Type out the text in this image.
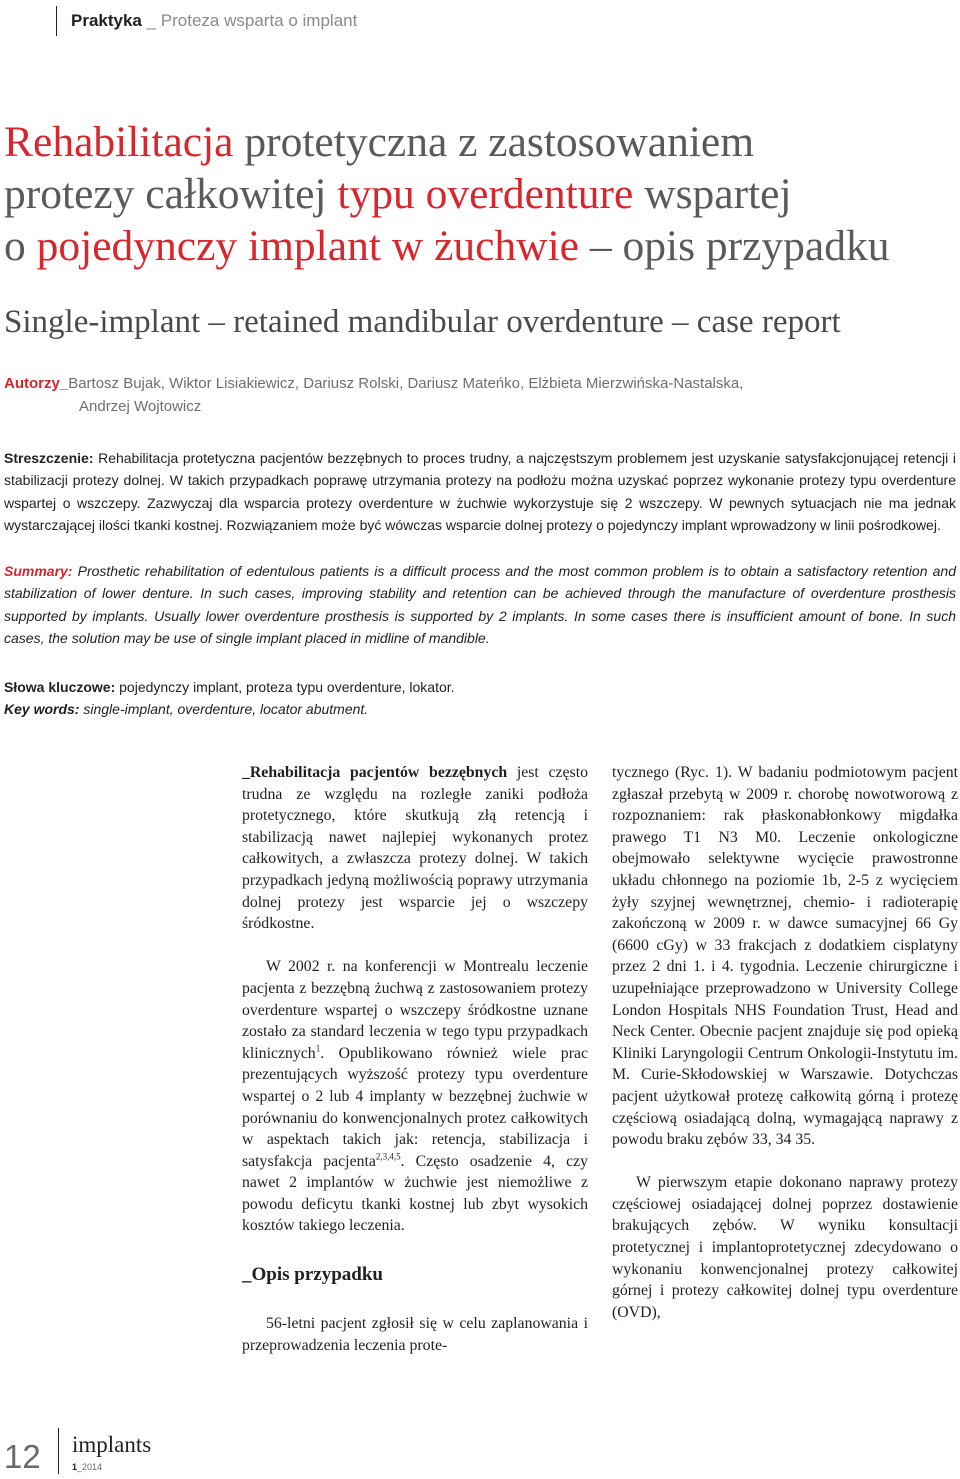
Praktyka _ Proteza wsparta o implant
Rehabilitacja protetyczna z zastosowaniem
protezy całkowitej typu overdenture wspartej
o pojedynczy implant w żuchwie – opis przypadku
Single-implant – retained mandibular overdenture – case report
Autorzy_Bartosz Bujak, Wiktor Lisiakiewicz, Dariusz Rolski, Dariusz Mateńko, Elżbieta Mierzwińska-Nastalska,
Andrzej Wojtowicz
Streszczenie: Rehabilitacja protetyczna pacjentów bezzębnych to proces trudny, a najczęstszym problemem jest uzyskanie satysfakcjonującej retencji i stabilizacji protezy dolnej. W takich przypadkach poprawę utrzymania protezy na podłożu można uzyskać poprzez wykonanie protezy typu overdenture wspartej o wszczepy. Zazwyczaj dla wsparcia protezy overdenture w żuchwie wykorzystuje się 2 wszczepy. W pewnych sytuacjach nie ma jednak wystarczającej ilości tkanki kostnej. Rozwiązaniem może być wówczas wsparcie dolnej protezy o pojedynczy implant wprowadzony w linii pośrodkowej.
Summary: Prosthetic rehabilitation of edentulous patients is a difficult process and the most common problem is to obtain a satisfactory retention and stabilization of lower denture. In such cases, improving stability and retention can be achieved through the manufacture of overdenture prosthesis supported by implants. Usually lower overdenture prosthesis is supported by 2 implants. In some cases there is insufficient amount of bone. In such cases, the solution may be use of single implant placed in midline of mandible.
Słowa kluczowe: pojedynczy implant, proteza typu overdenture, lokator.
Key words: single-implant, overdenture, locator abutment.

_Rehabilitacja pacjentów bezzębnych jest często trudna ze względu na rozległe zaniki podłoża protetycznego, które skutkują złą retencją i stabilizacją nawet najlepiej wykonanych protez całkowitych, a zwłaszcza protezy dolnej. W takich przypadkach jedyną możliwością poprawy utrzymania dolnej protezy jest wsparcie jej o wszczepy śródkostne.

W 2002 r. na konferencji w Montrealu leczenie pacjenta z bezzębną żuchwą z zastosowaniem protezy overdenture wspartej o wszczepy śródkostne uznane zostało za standard leczenia w tego typu przypadkach klinicznych$^1$. Opublikowano również wiele prac prezentujących wyższość protezy typu overdenture wspartej o 2 lub 4 implanty w bezzębnej żuchwie w porównaniu do konwencjonalnych protez całkowitych w aspektach takich jak: retencja, stabilizacja i satysfakcja pacjenta$^{2,3,4,5}$. Często osadzenie 4, czy nawet 2 implantów w żuchwie jest niemożliwe z powodu deficytu tkanki kostnej lub zbyt wysokich kosztów takiego leczenia.

_Opis przypadku

56-letni pacjent zgłosił się w celu zaplanowania i przeprowadzenia leczenia prote-

tycznego (Ryc. 1). W badaniu podmiotowym pacjent zgłaszał przebytą w 2009 r. chorobę nowotworową z rozpoznaniem: rak płaskonabłonkowy migdałka prawego T1 N3 M0. Leczenie onkologiczne obejmowało selektywne wycięcie prawostronne układu chłonnego na poziomie 1b, 2-5 z wycięciem żyły szyjnej wewnętrznej, chemio- i radioterapię zakończoną w 2009 r. w dawce sumacyjnej 66 Gy (6600 cGy) w 33 frakcjach z dodatkiem cisplatyny przez 2 dni 1. i 4. tygodnia. Leczenie chirurgiczne i uzupełniające przeprowadzono w University College London Hospitals NHS Foundation Trust, Head and Neck Center. Obecnie pacjent znajduje się pod opieką Kliniki Laryngologii Centrum Onkologii-Instytutu im. M. Curie-Skłodowskiej w Warszawie. Dotychczas pacjent użytkował protezę całkowitą górną i protezę częściową osiadającą dolną, wymagającą naprawy z powodu braku zębów 33, 34 35.

W pierwszym etapie dokonano naprawy protezy częściowej osiadającej dolnej poprzez dostawienie brakujących zębów. W wyniku konsultacji protetycznej i implantoprotetycznej zdecydowano o wykonaniu konwencjonalnej protezy całkowitej górnej i protezy całkowitej dolnej typu overdenture (OVD),

12 implants
1_2014
